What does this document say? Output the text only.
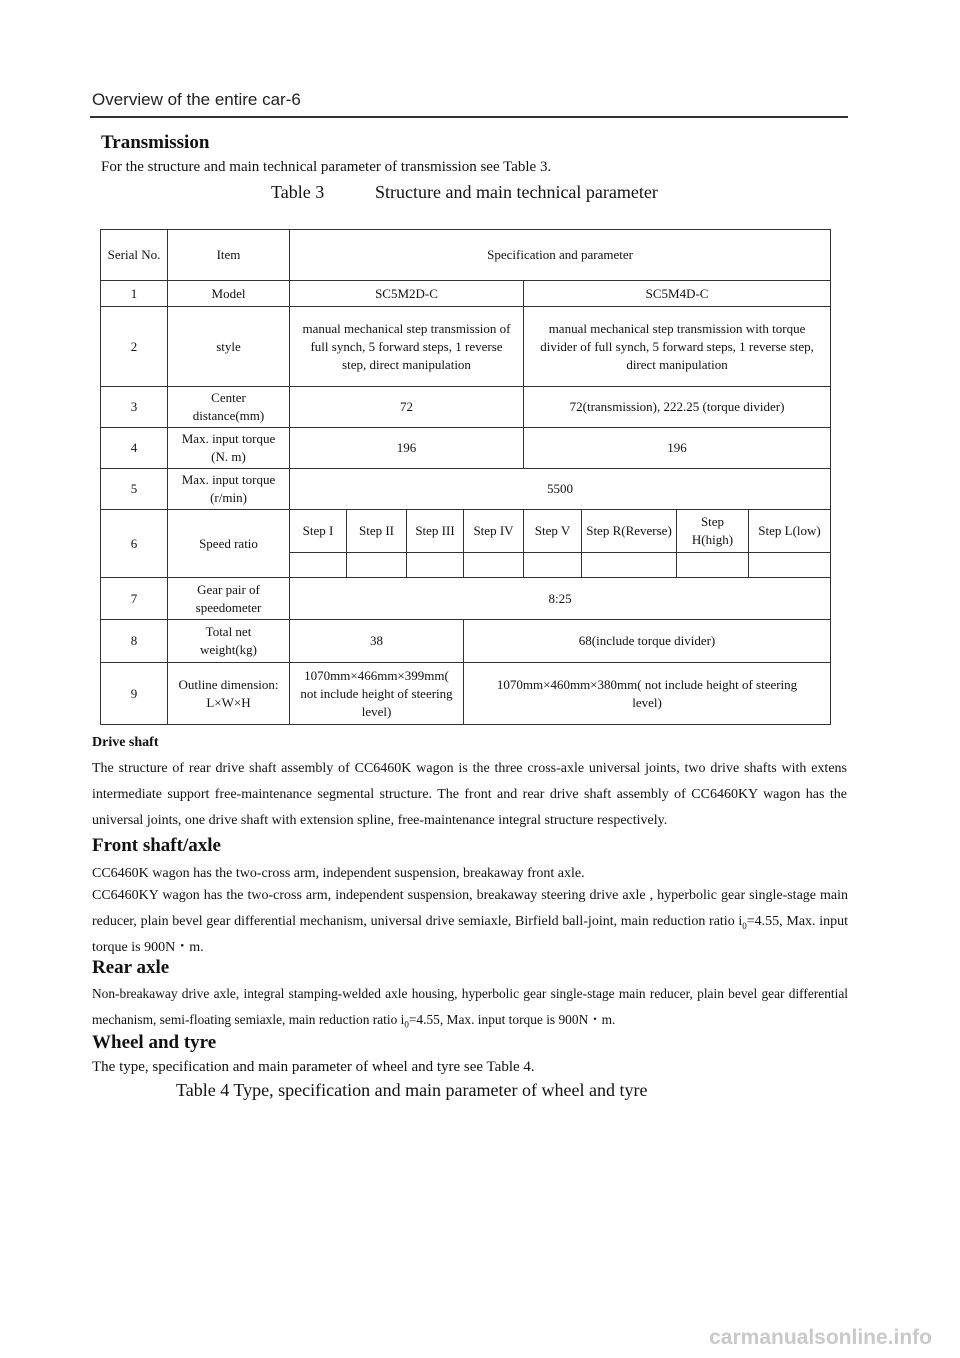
Overview of the entire car-6
Transmission
For the structure and main technical parameter of transmission see Table 3.
Table 3	Structure and main technical parameter
Serial No.	Item	Specification and parameter							
1	Model	SC5M2D-C				SC5M4D-C			
2	style	manual mechanical step transmission of full synch, 5 forward steps, 1 reverse step, direct manipulation				manual mechanical step transmission with torque divider of full synch, 5 forward steps, 1 reverse step, direct manipulation			
3	Center distance(mm)	72				72(transmission), 222.25 (torque divider)			
4	Max. input torque (N. m)	196				196			
5	Max. input torque (r/min)	5500							
6	Speed ratio	Step I	Step II	Step III	Step IV	Step V	Step R(Reverse)	Step H(high)	Step L(low)

7	Gear pair of speedometer	8:25							
8	Total net weight(kg)	38			68(include torque divider)				
9	Outline dimension: L×W×H	1070mm×466mm×399mm( not include height of steering level)			1070mm×460mm×380mm( not include height of steering level)				
Drive shaft
The structure of rear drive shaft assembly of CC6460K wagon is the three cross-axle universal joints, two drive shafts with extens intermediate support free-maintenance segmental structure. The front and rear drive shaft assembly of CC6460KY wagon has the universal joints, one drive shaft with extension spline, free-maintenance integral structure respectively.
Front shaft/axle
CC6460K wagon has the two-cross arm, independent suspension, breakaway front axle.
CC6460KY wagon has the two-cross arm, independent suspension, breakaway steering drive axle , hyperbolic gear single-stage main reducer, plain bevel gear differential mechanism, universal drive semiaxle, Birfield ball-joint, main reduction ratio $i_0=4.55$, Max. input torque is 900N・m.
Rear axle
Non-breakaway drive axle, integral stamping-welded axle housing, hyperbolic gear single-stage main reducer, plain bevel gear differential mechanism, semi-floating semiaxle, main reduction ratio $i_0=4.55$, Max. input torque is 900N・m.
Wheel and tyre
The type, specification and main parameter of wheel and tyre see Table 4.
Table 4 Type, specification and main parameter of wheel and tyre
carmanualsonline.info
